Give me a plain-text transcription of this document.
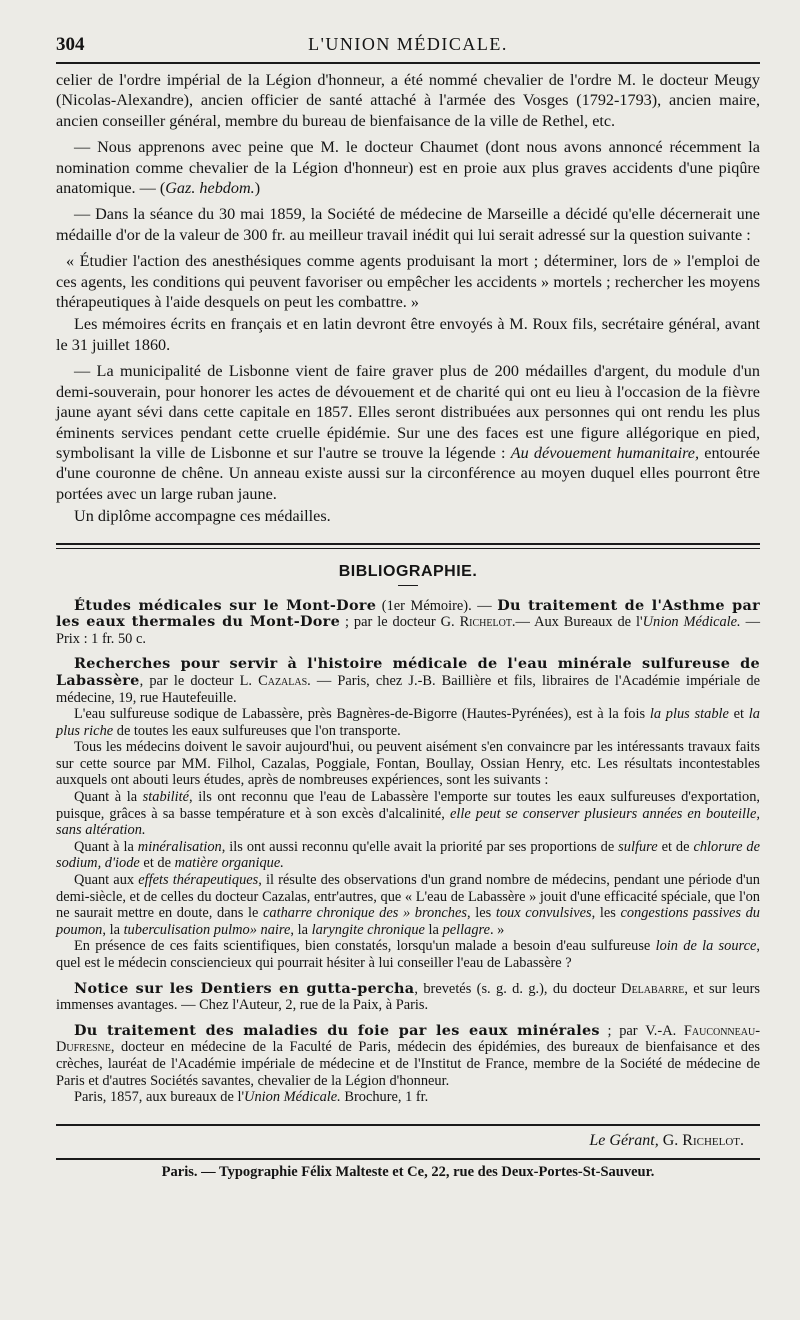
304	L'UNION MÉDICALE.

celier de l'ordre impérial de la Légion d'honneur, a été nommé chevalier de l'ordre M. le docteur Meugy (Nicolas-Alexandre), ancien officier de santé attaché à l'armée des Vosges (1792-1793), ancien maire, ancien conseiller général, membre du bureau de bienfaisance de la ville de Rethel, etc.

— Nous apprenons avec peine que M. le docteur Chaumet (dont nous avons annoncé récemment la nomination comme chevalier de la Légion d'honneur) est en proie aux plus graves accidents d'une piqûre anatomique. — (Gaz. hebdom.)

— Dans la séance du 30 mai 1859, la Société de médecine de Marseille a décidé qu'elle décernerait une médaille d'or de la valeur de 300 fr. au meilleur travail inédit qui lui serait adressé sur la question suivante :

« Étudier l'action des anesthésiques comme agents produisant la mort ; déterminer, lors de » l'emploi de ces agents, les conditions qui peuvent favoriser ou empêcher les accidents » mortels ; rechercher les moyens thérapeutiques à l'aide desquels on peut les combattre. »

Les mémoires écrits en français et en latin devront être envoyés à M. Roux fils, secrétaire général, avant le 31 juillet 1860.

— La municipalité de Lisbonne vient de faire graver plus de 200 médailles d'argent, du module d'un demi-souverain, pour honorer les actes de dévouement et de charité qui ont eu lieu à l'occasion de la fièvre jaune ayant sévi dans cette capitale en 1857. Elles seront distribuées aux personnes qui ont rendu les plus éminents services pendant cette cruelle épidémie. Sur une des faces est une figure allégorique en pied, symbolisant la ville de Lisbonne et sur l'autre se trouve la légende : Au dévouement humanitaire, entourée d'une couronne de chêne. Un anneau existe aussi sur la circonférence au moyen duquel elles pourront être portées avec un large ruban jaune.

Un diplôme accompagne ces médailles.

BIBLIOGRAPHIE.

Études médicales sur le Mont-Dore (1er Mémoire). — Du traitement de l'Asthme par les eaux thermales du Mont-Dore ; par le docteur G. Richelot.— Aux Bureaux de l'Union Médicale. — Prix : 1 fr. 50 c.

Recherches pour servir à l'histoire médicale de l'eau minérale sulfureuse de Labassère, par le docteur L. Cazalas. — Paris, chez J.-B. Baillière et fils, libraires de l'Académie impériale de médecine, 19, rue Hautefeuille.

L'eau sulfureuse sodique de Labassère, près Bagnères-de-Bigorre (Hautes-Pyrénées), est à la fois la plus stable et la plus riche de toutes les eaux sulfureuses que l'on transporte.

Tous les médecins doivent le savoir aujourd'hui, ou peuvent aisément s'en convaincre par les intéressants travaux faits sur cette source par MM. Filhol, Cazalas, Poggiale, Fontan, Boullay, Ossian Henry, etc. Les résultats incontestables auxquels ont abouti leurs études, après de nombreuses expériences, sont les suivants :

Quant à la stabilité, ils ont reconnu que l'eau de Labassère l'emporte sur toutes les eaux sulfureuses d'exportation, puisque, grâces à sa basse température et à son excès d'alcalinité, elle peut se conserver plusieurs années en bouteille, sans altération.

Quant à la minéralisation, ils ont aussi reconnu qu'elle avait la priorité par ses proportions de sulfure et de chlorure de sodium, d'iode et de matière organique.

Quant aux effets thérapeutiques, il résulte des observations d'un grand nombre de médecins, pendant une période d'un demi-siècle, et de celles du docteur Cazalas, entr'autres, que « L'eau de Labassère » jouit d'une efficacité spéciale, que l'on ne saurait mettre en doute, dans le catharre chronique des » bronches, les toux convulsives, les congestions passives du poumon, la tuberculisation pulmo» naire, la laryngite chronique la pellagre. »

En présence de ces faits scientifiques, bien constatés, lorsqu'un malade a besoin d'eau sulfureuse loin de la source, quel est le médecin consciencieux qui pourrait hésiter à lui conseiller l'eau de Labassère ?

Notice sur les Dentiers en gutta-percha, brevetés (s. g. d. g.), du docteur Delabarre, et sur leurs immenses avantages. — Chez l'Auteur, 2, rue de la Paix, à Paris.

Du traitement des maladies du foie par les eaux minérales ; par V.-A. Fauconneau-Dufresne, docteur en médecine de la Faculté de Paris, médecin des épidémies, des bureaux de bienfaisance et des crèches, lauréat de l'Académie impériale de médecine et de l'Institut de France, membre de la Société de médecine de Paris et d'autres Sociétés savantes, chevalier de la Légion d'honneur.

Paris, 1857, aux bureaux de l'Union Médicale. Brochure, 1 fr.

Le Gérant, G. Richelot.
Paris. — Typographie Félix Malteste et Ce, 22, rue des Deux-Portes-St-Sauveur.
